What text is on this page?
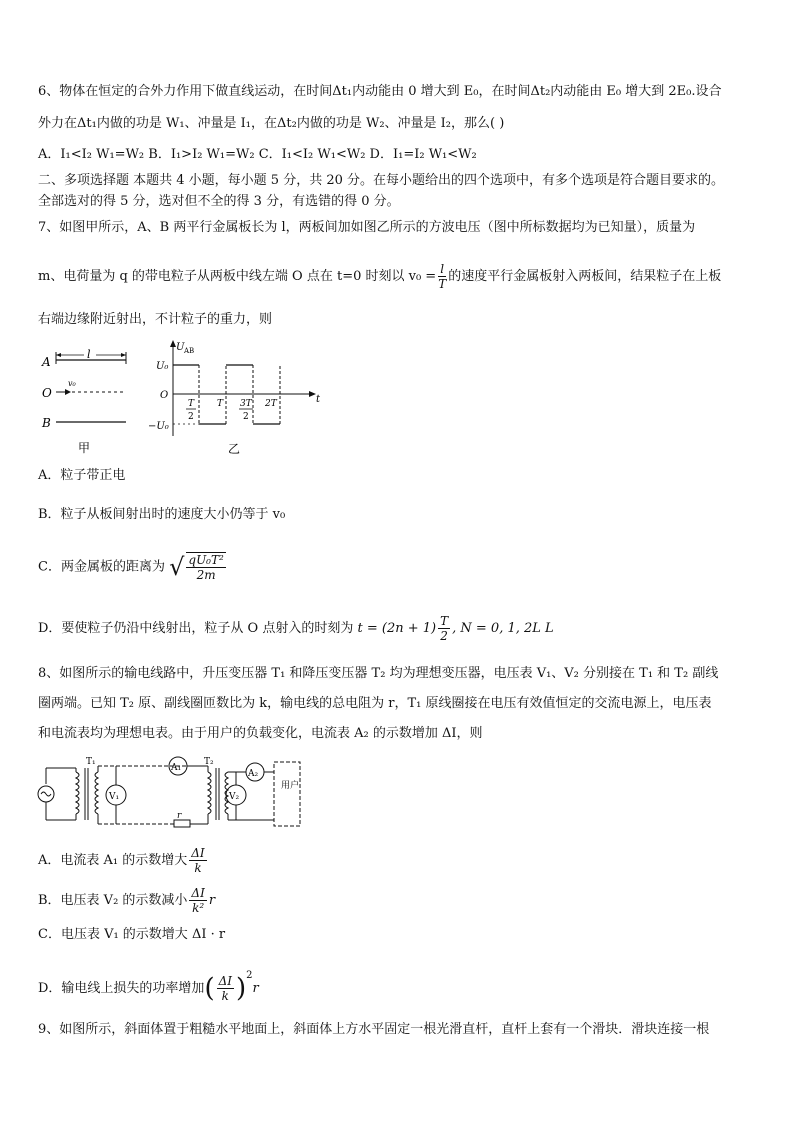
6、物体在恒定的合外力作用下做直线运动，在时间Δt₁内动能由 0 增大到 E₀，在时间Δt₂内动能由 E₀ 增大到 2E₀.设合
外力在Δt₁内做的功是 W₁、冲量是 I₁，在Δt₂内做的功是 W₂、冲量是 I₂，那么( )
A．I₁<I₂ W₁=W₂ B．I₁>I₂ W₁=W₂ C．I₁<I₂ W₁<W₂ D．I₁=I₂ W₁<W₂
二、多项选择题 本题共 4 小题，每小题 5 分，共 20 分。在每小题给出的四个选项中，有多个选项是符合题目要求的。
全部选对的得 5 分，选对但不全的得 3 分，有选错的得 0 分。
7、如图甲所示，A、B 两平行金属板长为 l，两板间加如图乙所示的方波电压（图中所标数据均为已知量），质量为
m、电荷量为 q 的带电粒子从两板中线左端 O 点在 t=0 时刻以 $v_0 = \frac{l}{T}$ 的速度平行金属板射入两板间，结果粒子在上板
右端边缘附近射出，不计粒子的重力，则
A
l
O
v₀
B
甲
U AB
t
U₀
O
−U₀
T
2
T 3T
2
2T
乙
A．粒子带正电
B．粒子从板间射出时的速度大小仍等于 v₀
C．两金属板的距离为 √ $\frac{\text{qU₀T²}}{2m}$
D．要使粒子仍沿中线射出，粒子从 O 点射入的时刻为 $t = (2n + 1) \frac{T}{2}$ , N = 0, 1, 2L L
8、如图所示的输电线路中，升压变压器 T₁ 和降压变压器 T₂ 均为理想变压器，电压表 V₁、V₂ 分别接在 T₁ 和 T₂ 副线
圈两端。已知 T₂ 原、副线圈匝数比为 k，输电线的总电阻为 r，T₁ 原线圈接在电压有效值恒定的交流电源上，电压表
和电流表均为理想电表。由于用户的负载变化，电流表 A₂ 的示数增加 ΔI，则
T₁
V₁
A₁
r
T₂
V₂
A₂
用户
A．电流表 A₁ 的示数增大 $\frac{\Delta I}{k}$
B．电压表 V₂ 的示数减小 $\frac{\Delta I}{\text{k²}}$ r
C．电压表 V₁ 的示数增大 ΔI · r
D．输电线上损失的功率增加( $\frac{\Delta I}{k} )^2r$
9、如图所示，斜面体置于粗糙水平地面上，斜面体上方水平固定一根光滑直杆，直杆上套有一个滑块．滑块连接一根
